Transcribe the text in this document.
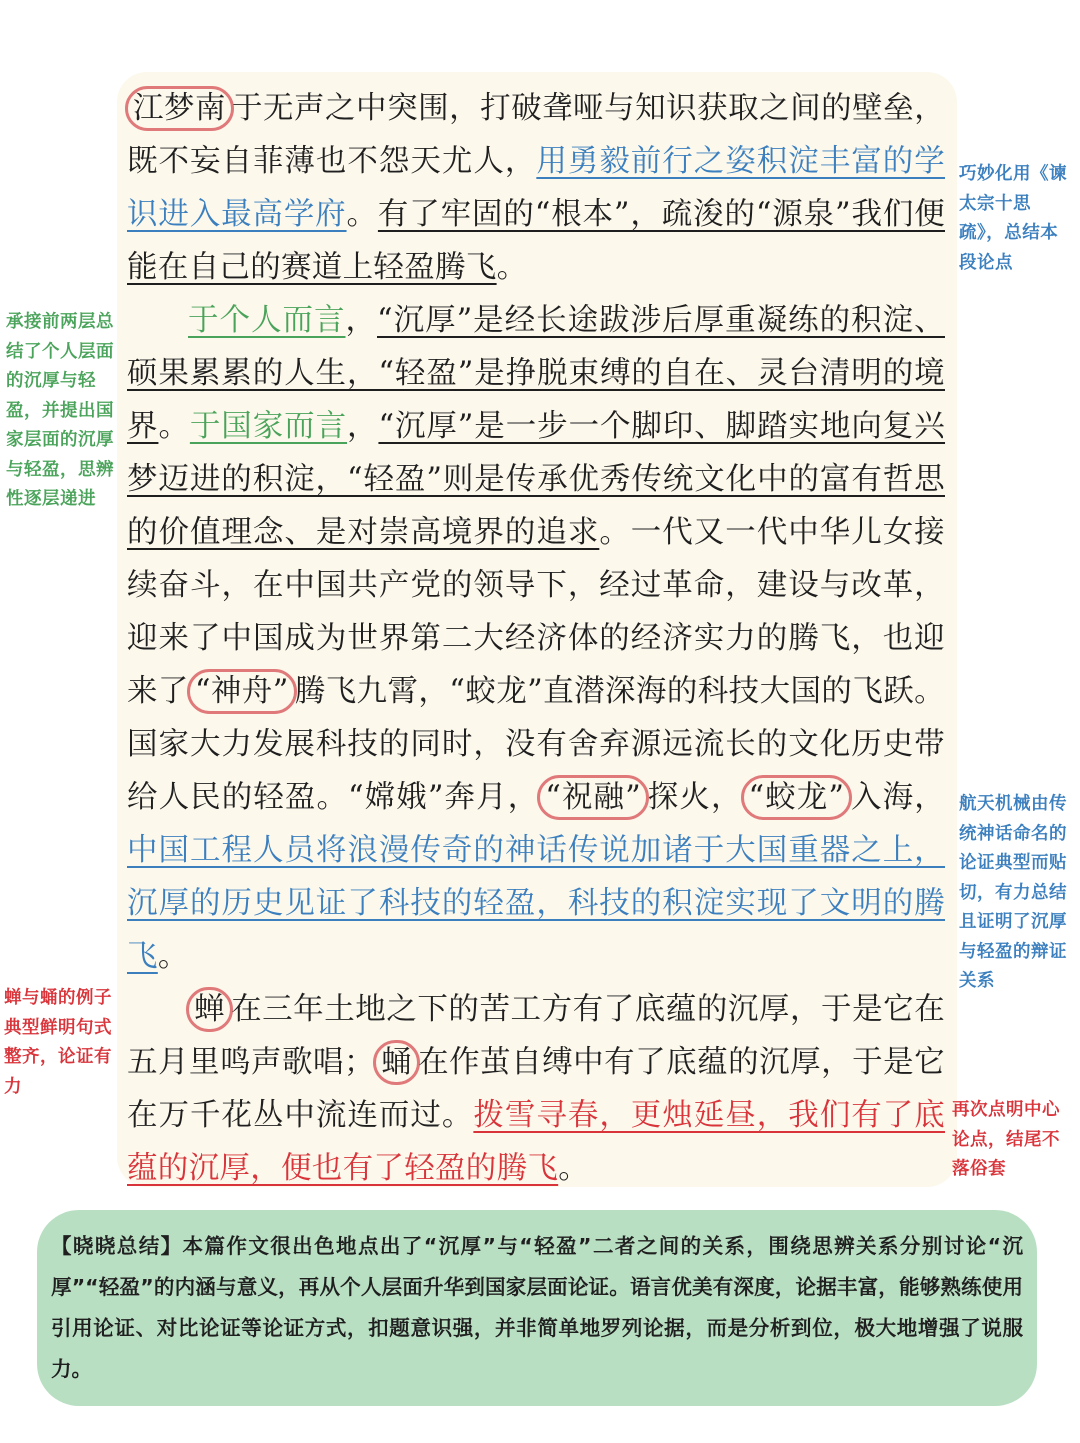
江梦南 于无声之中突围，打破聋哑与知识获取之间的壁垒，既不妄自菲薄也不怨天尤人，用勇毅前行之姿积淀丰富的学识进入最高学府。有了牢固的“根本”，疏浚的“源泉”我们便能在自己的赛道上轻盈腾飞。

于个人而言，“沉厚”是经长途跋涉后厚重凝练的积淀、硕果累累的人生，“轻盈”是挣脱束缚的自在、灵台清明的境界。于国家而言，“沉厚”是一步一个脚印、脚踏实地向复兴梦迈进的积淀，“轻盈”则是传承优秀传统文化中的富有哲思的价值理念、是对崇高境界的追求。一代又一代中华儿女接续奋斗，在中国共产党的领导下，经过革命，建设与改革，迎来了中国成为世界第二大经济体的经济实力的腾飞，也迎来了 “神舟” 腾飞九霄，“蛟龙”直潜深海的科技大国的飞跃。国家大力发展科技的同时，没有舍弃源远流长的文化历史带给人民的轻盈。“嫦娥”奔月， “祝融” 探火， “蛟龙” 入海，中国工程人员将浪漫传奇的神话传说加诸于大国重器之上，沉厚的历史见证了科技的轻盈，科技的积淀实现了文明的腾飞。

蝉 在三年土地之下的苦工方有了底蕴的沉厚，于是它在五月里鸣声歌唱； 蛹 在作茧自缚中有了底蕴的沉厚，于是它在万千花丛中流连而过。拨雪寻春，更烛延昼，我们有了底蕴的沉厚，便也有了轻盈的腾飞。

巧妙化用《谏太宗十思疏》，总结本段论点
承接前两层总结了个人层面的沉厚与轻盈，并提出国家层面的沉厚与轻盈，思辨性逐层递进
航天机械由传统神话命名的论证典型而贴切，有力总结且证明了沉厚与轻盈的辩证关系
蝉与蛹的例子典型鲜明句式整齐，论证有力
再次点明中心论点，结尾不落俗套
【晓晓总结】本篇作文很出色地点出了“沉厚”与“轻盈”二者之间的关系，围绕思辨关系分别讨论“沉厚”“轻盈”的内涵与意义，再从个人层面升华到国家层面论证。语言优美有深度，论据丰富，能够熟练使用引用论证、对比论证等论证方式，扣题意识强，并非简单地罗列论据，而是分析到位，极大地增强了说服力。
